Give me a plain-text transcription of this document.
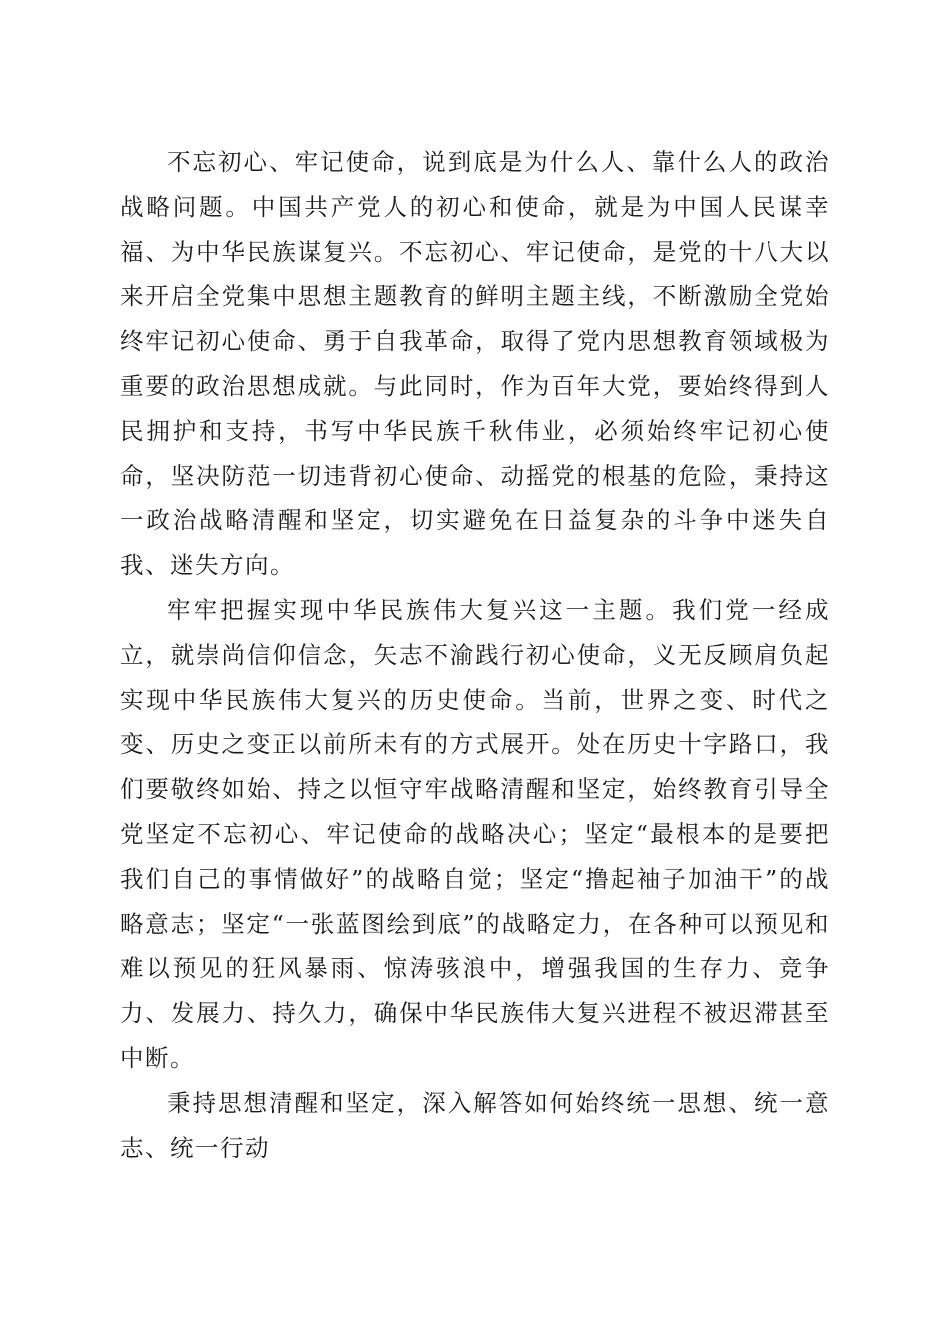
不忘初心、牢记使命，说到底是为什么人、靠什么人的政治战略问题。中国共产党人的初心和使命，就是为中国人民谋幸福、为中华民族谋复兴。不忘初心、牢记使命，是党的十八大以来开启全党集中思想主题教育的鲜明主题主线，不断激励全党始终牢记初心使命、勇于自我革命，取得了党内思想教育领域极为重要的政治思想成就。与此同时，作为百年大党，要始终得到人民拥护和支持，书写中华民族千秋伟业，必须始终牢记初心使命，坚决防范一切违背初心使命、动摇党的根基的危险，秉持这一政治战略清醒和坚定，切实避免在日益复杂的斗争中迷失自我、迷失方向。

牢牢把握实现中华民族伟大复兴这一主题。我们党一经成立，就崇尚信仰信念，矢志不渝践行初心使命，义无反顾肩负起实现中华民族伟大复兴的历史使命。当前，世界之变、时代之变、历史之变正以前所未有的方式展开。处在历史十字路口，我们要敬终如始、持之以恒守牢战略清醒和坚定，始终教育引导全党坚定不忘初心、牢记使命的战略决心；坚定“最根本的是要把我们自己的事情做好”的战略自觉；坚定“撸起袖子加油干”的战略意志；坚定“一张蓝图绘到底”的战略定力，在各种可以预见和难以预见的狂风暴雨、惊涛骇浪中，增强我国的生存力、竞争力、发展力、持久力，确保中华民族伟大复兴进程不被迟滞甚至中断。

秉持思想清醒和坚定，深入解答如何始终统一思想、统一意志、统一行动
